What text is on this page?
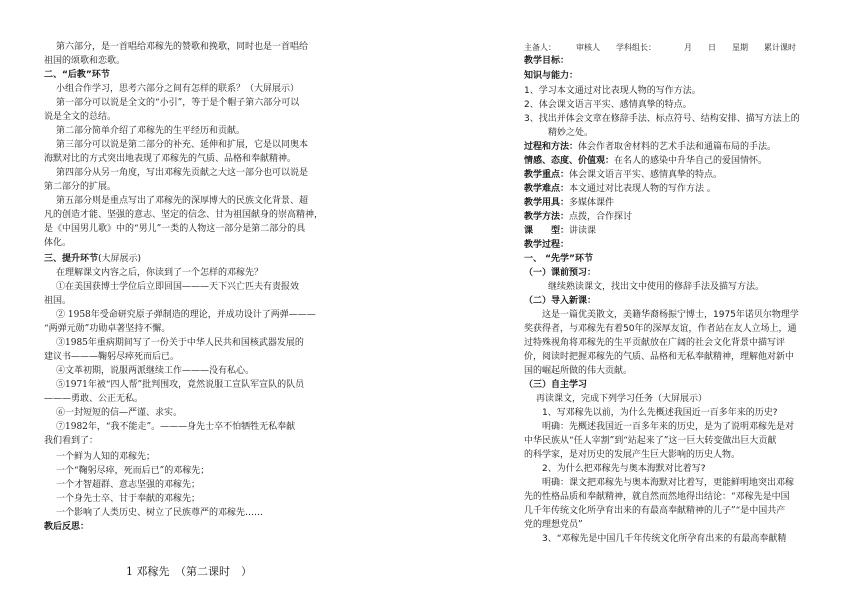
第六部分，是一首唱给邓稼先的赞歌和挽歌，同时也是一首唱给
祖国的颂歌和恋歌。
二、“后教”环节
小组合作学习，思考六部分之间有怎样的联系？（大屏展示）
第一部分可以说是全文的“小引”，等于是个帽子第六部分可以
说是全文的总结。
第二部分简单介绍了邓稼先的生平经历和贡献。
第三部分可以说是第二部分的补充、延伸和扩展，它是以同奥本
海默对比的方式突出地表现了邓稼先的气质、品格和奉献精神。
第四部分从另一角度，写出邓稼先贡献之大这一部分也可以说是
第二部分的扩展。
第五部分则是重点写出了邓稼先的深厚博大的民族文化背景、超
凡的创造才能、坚强的意志、坚定的信念、甘为祖国献身的崇高精神，
是《中国男儿歌》中的“男儿”一类的人物这一部分是第二部分的具
体化。
三、提升环节(大屏展示)
在理解课文内容之后，你读到了一个怎样的邓稼先？
①在美国获博士学位后立即回国———天下兴亡匹夫有责报效
祖国。
② 1958年受命研究原子弹制造的理论，并成功设计了两弹———
“两弹元勋”功勋卓著坚持不懈。
③1985年重病期间写了一份关于中华人民共和国核武器发展的
建议书———鞠躬尽瘁死而后已。
④文革初期，说服两派继续工作———没有私心。
⑤1971年被“四人帮”批判围攻，竟然说服工宣队军宣队的队员
———勇敢、公正无私。
⑥一封短短的信—严谨、求实。
⑦1982年，“我不能走”。———身先士卒不怕牺牲无私奉献
我们看到了：
一个鲜为人知的邓稼先；
一个“鞠躬尽瘁，死而后已”的邓稼先；
一个才智超群、意志坚强的邓稼先；
一个身先士卒、甘于奉献的邓稼先；
一个影响了人类历史、树立了民族尊严的邓稼先……
教后反思：
1 邓稼先　（第二课时　）
主备人：　　　审核人　　学科组长：　　　　月　　日　　星期　　累计课时
教学目标：
知识与能力：
1、学习本文通过对比表现人物的写作方法。
2、体会课文语言平实、感情真挚的特点。
3、找出并体会文章在修辞手法、标点符号、结构安排、描写方法上的
精妙之处。
过程和方法：体会作者取舍材料的艺术手法和通篇布局的手法。
情感、态度、价值观：在名人的感染中升华自己的爱国情怀。
教学重点：体会课文语言平实、感情真挚的特点。
教学难点：本文通过对比表现人物的写作方法 。
教学用具：多媒体课件
教学方法：点拨，合作探讨
课　　型：讲读课
教学过程：
一、 “先学”环节
（一）课前预习：
继续熟读课文，找出文中使用的修辞手法及描写方法。
（二）导入新课：
这是一篇优美散文，美籍华裔杨振宁博士，1975年诺贝尔物理学
奖获得者，与邓稼先有着50年的深厚友谊，作者站在友人立场上，通
过特殊视角将邓稼先的生平贡献放在广阔的社会文化背景中描写评
价，阅读时把握邓稼先的气质、品格和无私奉献精神，理解他对新中
国的崛起所做的伟大贡献。
（三）自主学习
再读课文，完成下列学习任务（大屏展示）
1、写邓稼先以前，为什么先概述我国近一百多年来的历史?
明确：先概述我国近一百多年来的历史，是为了说明邓稼先是对
中华民族从“任人宰割”到“站起来了”这一巨大转变做出巨大贡献
的科学家，是对历史的发展产生巨大影响的历史人物。
2、为什么把邓稼先与奥本海默对比着写?
明确：课文把邓稼先与奥本海默对比着写，更能鲜明地突出邓稼
先的性格品质和奉献精神，就自然而然地得出结论：“邓稼先是中国
几千年传统文化所孕育出来的有最高奉献精神的儿子”“是中国共产
党的理想党员”
3、“邓稼先是中国几千年传统文化所孕育出来的有最高奉献精
